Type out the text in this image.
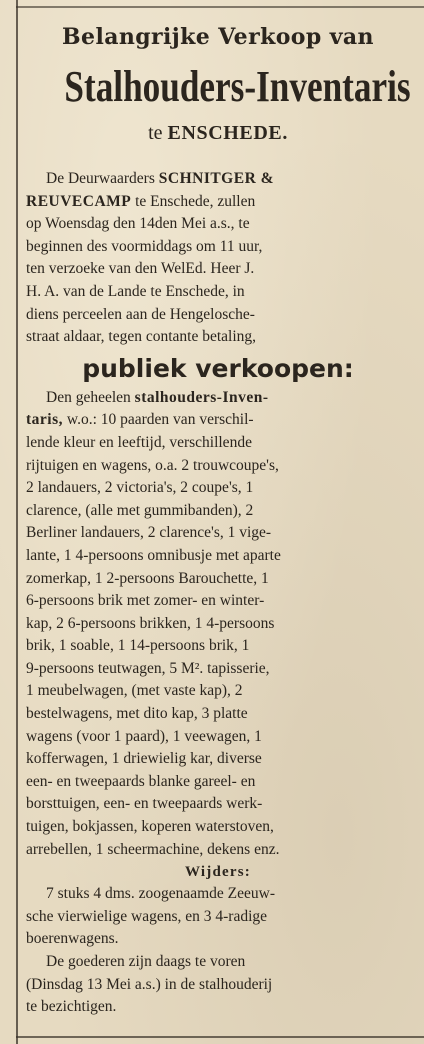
Belangrijke Verkoop van
Stalhouders-Inventaris
te ENSCHEDE.
De Deurwaarders SCHNITGER &
REUVECAMP te Enschede, zullen
op Woensdag den 14den Mei a.s., te
beginnen des voormiddags om 11 uur,
ten verzoeke van den WelEd. Heer J.
H. A. van de Lande te Enschede, in
diens perceelen aan de Hengelosche-
straat aldaar, tegen contante betaling,
publiek verkoopen:
Den geheelen stalhouders-Inven-
taris, w.o.: 10 paarden van verschil-
lende kleur en leeftijd, verschillende
rijtuigen en wagens, o.a. 2 trouwcoupe's,
2 landauers, 2 victoria's, 2 coupe's, 1
clarence, (alle met gummibanden), 2
Berliner landauers, 2 clarence's, 1 vige-
lante, 1 4-persoons omnibusje met aparte
zomerkap, 1 2-persoons Barouchette, 1
6-persoons brik met zomer- en winter-
kap, 2 6-persoons brikken, 1 4-persoons
brik, 1 soable, 1 14-persoons brik, 1
9-persoons teutwagen, 5 M². tapisserie,
1 meubelwagen, (met vaste kap), 2
bestelwagens, met dito kap, 3 platte
wagens (voor 1 paard), 1 veewagen, 1
kofferwagen, 1 driewielig kar, diverse
een- en tweepaards blanke gareel- en
borsttuigen, een- en tweepaards werk-
tuigen, bokjassen, koperen waterstoven,
arrebellen, 1 scheermachine, dekens enz.
Wijders:
7 stuks 4 dms. zoogenaamde Zeeuw-
sche vierwielige wagens, en 3 4-radige
boerenwagens.
De goederen zijn daags te voren
(Dinsdag 13 Mei a.s.) in de stalhouderij
te bezichtigen.
